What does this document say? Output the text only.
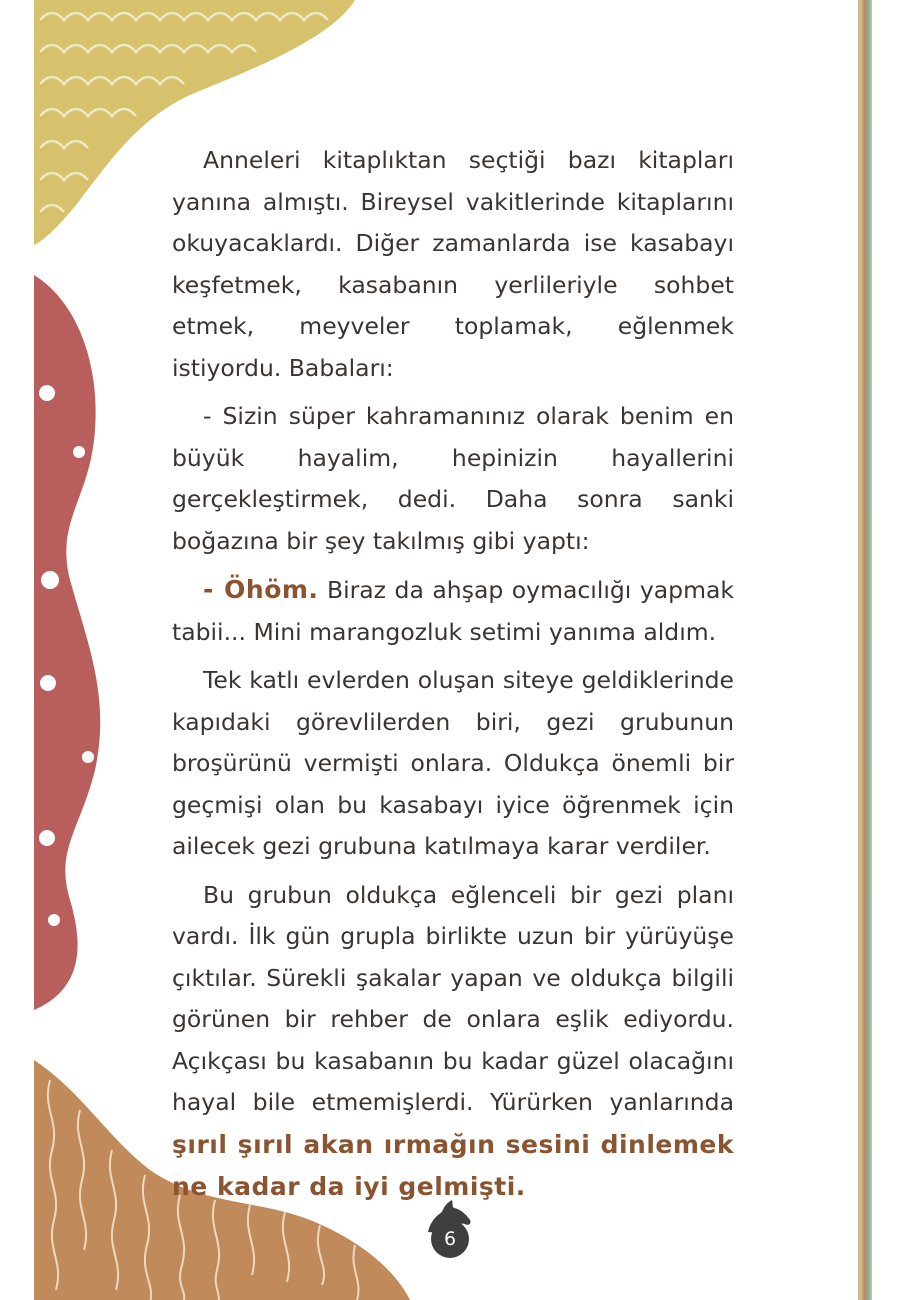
Anneleri kitaplıktan seçtiği bazı kitapları yanına almıştı. Bireysel vakitlerinde kitaplarını okuyacaklardı. Diğer zamanlarda ise kasabayı keşfetmek, kasabanın yerlileriyle sohbet etmek, meyveler toplamak, eğlenmek istiyordu. Babaları:

- Sizin süper kahramanınız olarak benim en büyük hayalim, hepinizin hayallerini gerçekleştirmek, dedi. Daha sonra sanki boğazına bir şey takılmış gibi yaptı:

- Öhöm. Biraz da ahşap oymacılığı yapmak tabii... Mini marangozluk setimi yanıma aldım.

Tek katlı evlerden oluşan siteye geldiklerinde kapıdaki görevlilerden biri, gezi grubunun broşürünü vermişti onlara. Oldukça önemli bir geçmişi olan bu kasabayı iyice öğrenmek için ailecek gezi grubuna katılmaya karar verdiler.

Bu grubun oldukça eğlenceli bir gezi planı vardı. İlk gün grupla birlikte uzun bir yürüyüşe çıktılar. Sürekli şakalar yapan ve oldukça bilgili görünen bir rehber de onlara eşlik ediyordu. Açıkçası bu kasabanın bu kadar güzel olacağını hayal bile etmemişlerdi. Yürürken yanlarında şırıl şırıl akan ırmağın sesini dinlemek ne kadar da iyi gelmişti.

6
